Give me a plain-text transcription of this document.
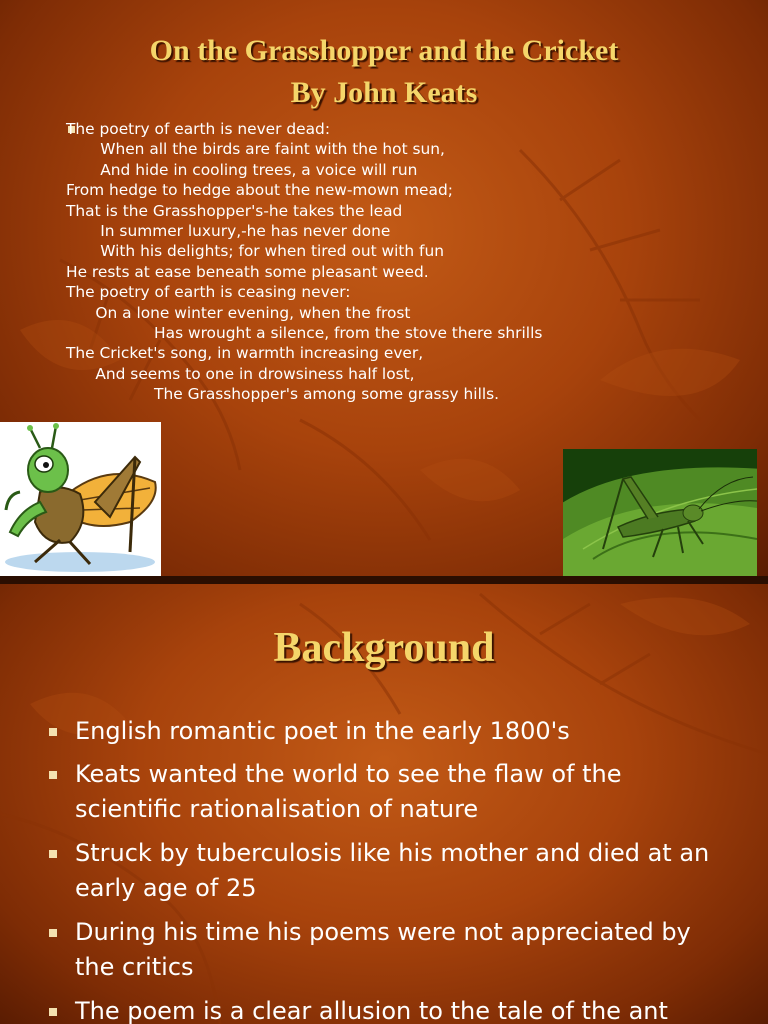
On the Grasshopper and the Cricket
By John Keats
The poetry of earth is never dead:
When all the birds are faint with the hot sun,
And hide in cooling trees, a voice will run
From hedge to hedge about the new-mown mead;
That is the Grasshopper's-he takes the lead
In summer luxury,-he has never done
With his delights; for when tired out with fun
He rests at ease beneath some pleasant weed.
The poetry of earth is ceasing never:
On a lone winter evening, when the frost
Has wrought a silence, from the stove there shrills
The Cricket's song, in warmth increasing ever,
And seems to one in drowsiness half lost,
The Grasshopper's among some grassy hills.
Background
English romantic poet in the early 1800's
Keats wanted the world to see the flaw of the scientific rationalisation of nature
Struck by tuberculosis like his mother and died at an early age of 25
During his time his poems were not appreciated by the critics
The poem is a clear allusion to the tale of the ant
